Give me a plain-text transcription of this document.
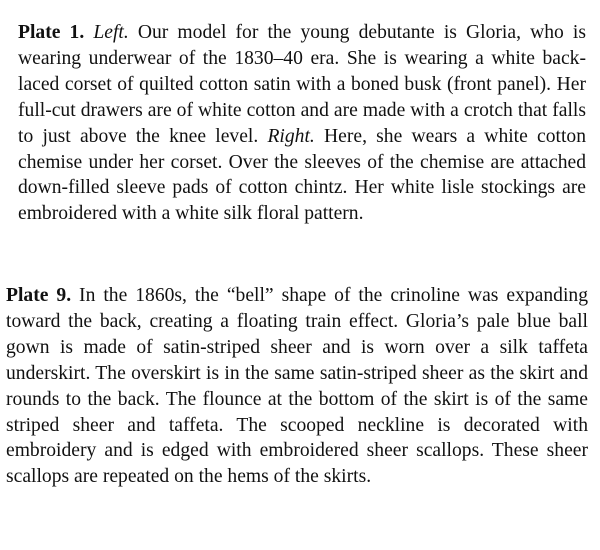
Plate 1. Left. Our model for the young debutante is Gloria, who is wearing underwear of the 1830–40 era. She is wearing a white back-laced corset of quilted cotton satin with a boned busk (front panel). Her full-cut drawers are of white cotton and are made with a crotch that falls to just above the knee level. Right. Here, she wears a white cotton chemise under her corset. Over the sleeves of the chemise are attached down-filled sleeve pads of cotton chintz. Her white lisle stockings are embroidered with a white silk floral pattern.

Plate 9. In the 1860s, the “bell” shape of the crinoline was expanding toward the back, creating a floating train effect. Gloria’s pale blue ball gown is made of satin-striped sheer and is worn over a silk taffeta underskirt. The overskirt is in the same satin-striped sheer as the skirt and rounds to the back. The flounce at the bottom of the skirt is of the same striped sheer and taffeta. The scooped neckline is decorated with embroidery and is edged with embroidered sheer scallops. These sheer scallops are repeated on the hems of the skirts.
